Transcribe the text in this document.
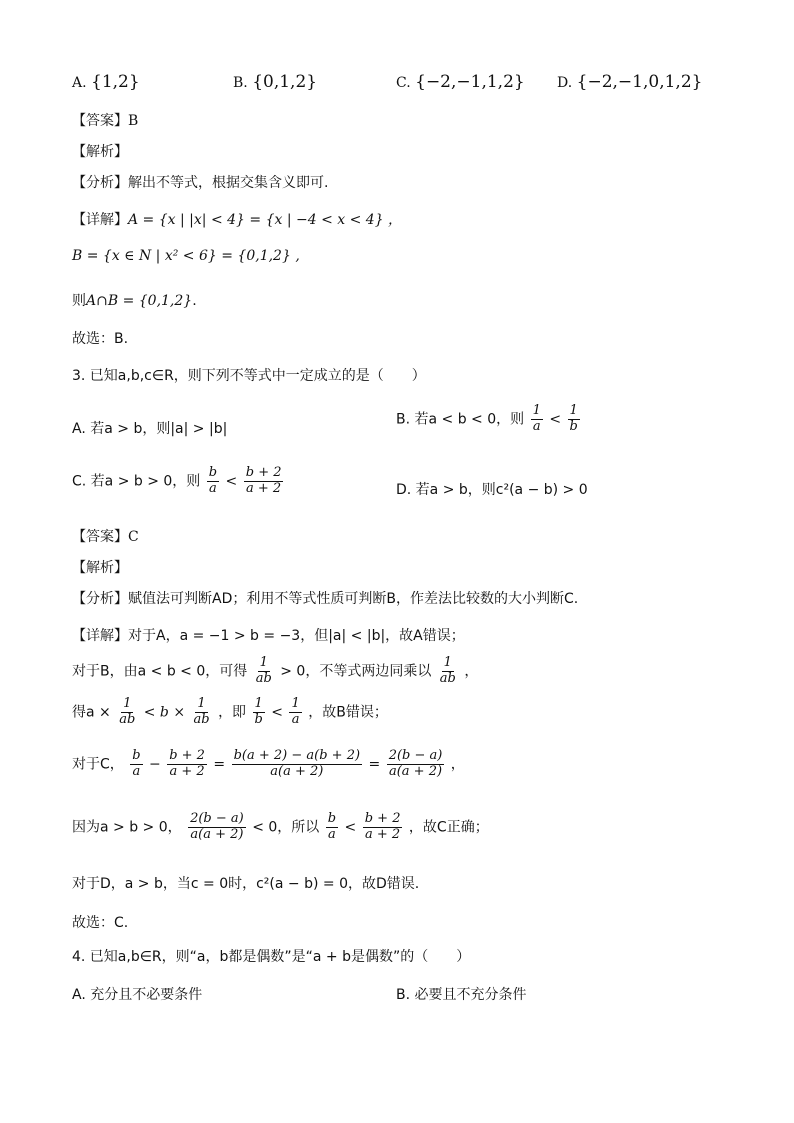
A. {1,2}	B. {0,1,2}	C. {−2,−1,1,2} D. {−2,−1,0,1,2}
【答案】B
【解析】
【分析】解出不等式，根据交集含义即可.
【详解】A = {x | |x| < 4} = {x | −4 < x < 4} ，
B = {x ∈ N | x² < 6} = {0,1,2} ,
则A∩B = {0,1,2}.
故选：B.
3. 已知a,b,c∈R，则下列不等式中一定成立的是（　　）
A. 若a > b，则|a| > |b|
B. 若a < b < 0，则 $\frac{1}{a} < \frac{1}{b}$
C. 若a > b > 0，则 $\frac{b}{a} < \frac{b + 2}{a + 2}$	D. 若a > b，则c²(a − b) > 0
【答案】C
【解析】
【分析】赋值法可判断AD；利用不等式性质可判断B，作差法比较数的大小判断C.
【详解】对于A，a = −1 > b = −3，但|a| < |b|，故A错误；
对于B，由a < b < 0，可得 $\frac{1}{ab} > 0$，不等式两边同乘以 $\frac{1}{ab}$ ，
得$a \times \frac{1}{ab} < b \times \frac{1}{ab}$ ，即 $\frac{1}{b} < \frac{1}{a}$ ，故B错误；
对于C， $\frac{b}{a} - \frac{b + 2}{a + 2} = \frac{b(a + 2) - a(b + 2)}{a(a + 2)} = \frac{2(b - a)}{a(a + 2)}$ ，
因为a > b > 0， $\frac{2(b - a)}{a(a + 2)} < 0$，所以 $\frac{b}{a} < \frac{b + 2}{a + 2}$ ，故C正确；
对于D，a > b，当c = 0时，c²(a − b) = 0，故D错误.
故选：C.
4. 已知a,b∈R，则“a，b都是偶数”是“a + b是偶数”的（　　）
A. 充分且不必要条件	B. 必要且不充分条件
